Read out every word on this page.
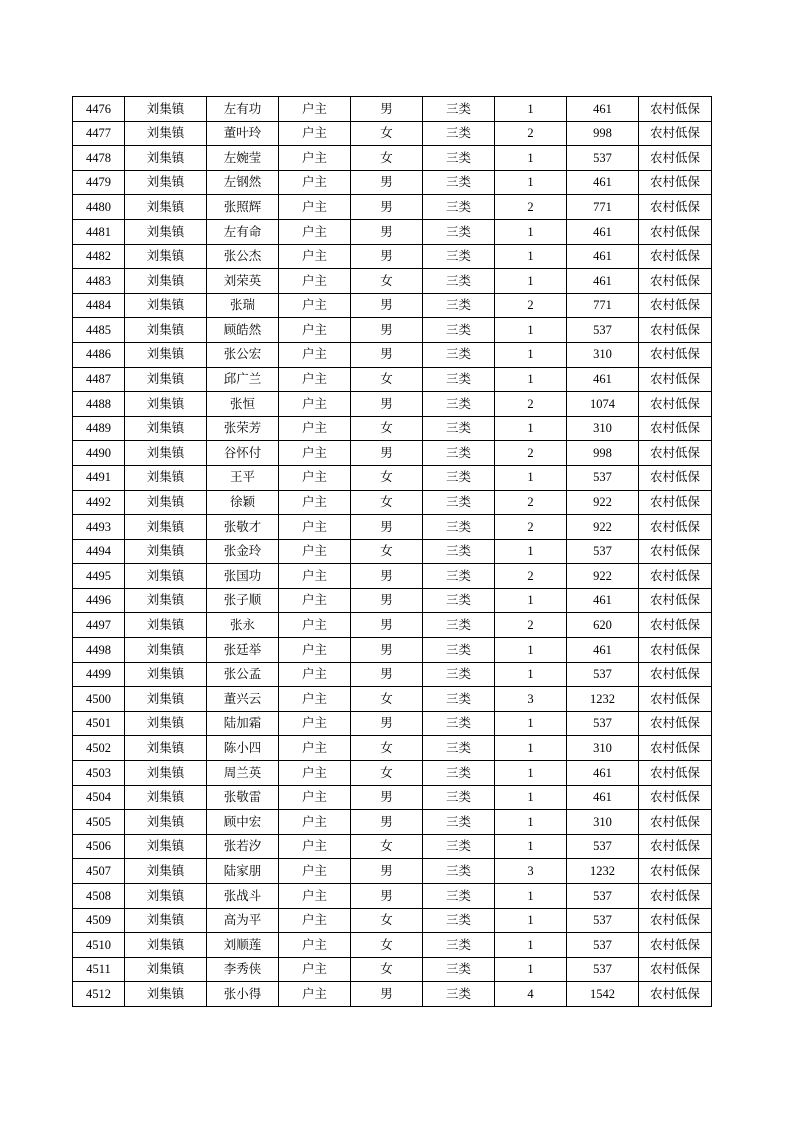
4476	刘集镇	左有功	户主	男	三类	1	461	农村低保
4477	刘集镇	董叶玲	户主	女	三类	2	998	农村低保
4478	刘集镇	左婉莹	户主	女	三类	1	537	农村低保
4479	刘集镇	左钢然	户主	男	三类	1	461	农村低保
4480	刘集镇	张照辉	户主	男	三类	2	771	农村低保
4481	刘集镇	左有命	户主	男	三类	1	461	农村低保
4482	刘集镇	张公杰	户主	男	三类	1	461	农村低保
4483	刘集镇	刘荣英	户主	女	三类	1	461	农村低保
4484	刘集镇	张瑞	户主	男	三类	2	771	农村低保
4485	刘集镇	顾皓然	户主	男	三类	1	537	农村低保
4486	刘集镇	张公宏	户主	男	三类	1	310	农村低保
4487	刘集镇	邱广兰	户主	女	三类	1	461	农村低保
4488	刘集镇	张恒	户主	男	三类	2	1074	农村低保
4489	刘集镇	张荣芳	户主	女	三类	1	310	农村低保
4490	刘集镇	谷怀付	户主	男	三类	2	998	农村低保
4491	刘集镇	王平	户主	女	三类	1	537	农村低保
4492	刘集镇	徐颖	户主	女	三类	2	922	农村低保
4493	刘集镇	张敬才	户主	男	三类	2	922	农村低保
4494	刘集镇	张金玲	户主	女	三类	1	537	农村低保
4495	刘集镇	张国功	户主	男	三类	2	922	农村低保
4496	刘集镇	张子顺	户主	男	三类	1	461	农村低保
4497	刘集镇	张永	户主	男	三类	2	620	农村低保
4498	刘集镇	张廷举	户主	男	三类	1	461	农村低保
4499	刘集镇	张公孟	户主	男	三类	1	537	农村低保
4500	刘集镇	董兴云	户主	女	三类	3	1232	农村低保
4501	刘集镇	陆加霜	户主	男	三类	1	537	农村低保
4502	刘集镇	陈小四	户主	女	三类	1	310	农村低保
4503	刘集镇	周兰英	户主	女	三类	1	461	农村低保
4504	刘集镇	张敬雷	户主	男	三类	1	461	农村低保
4505	刘集镇	顾中宏	户主	男	三类	1	310	农村低保
4506	刘集镇	张若汐	户主	女	三类	1	537	农村低保
4507	刘集镇	陆家朋	户主	男	三类	3	1232	农村低保
4508	刘集镇	张战斗	户主	男	三类	1	537	农村低保
4509	刘集镇	高为平	户主	女	三类	1	537	农村低保
4510	刘集镇	刘顺莲	户主	女	三类	1	537	农村低保
4511	刘集镇	李秀侠	户主	女	三类	1	537	农村低保
4512	刘集镇	张小得	户主	男	三类	4	1542	农村低保
